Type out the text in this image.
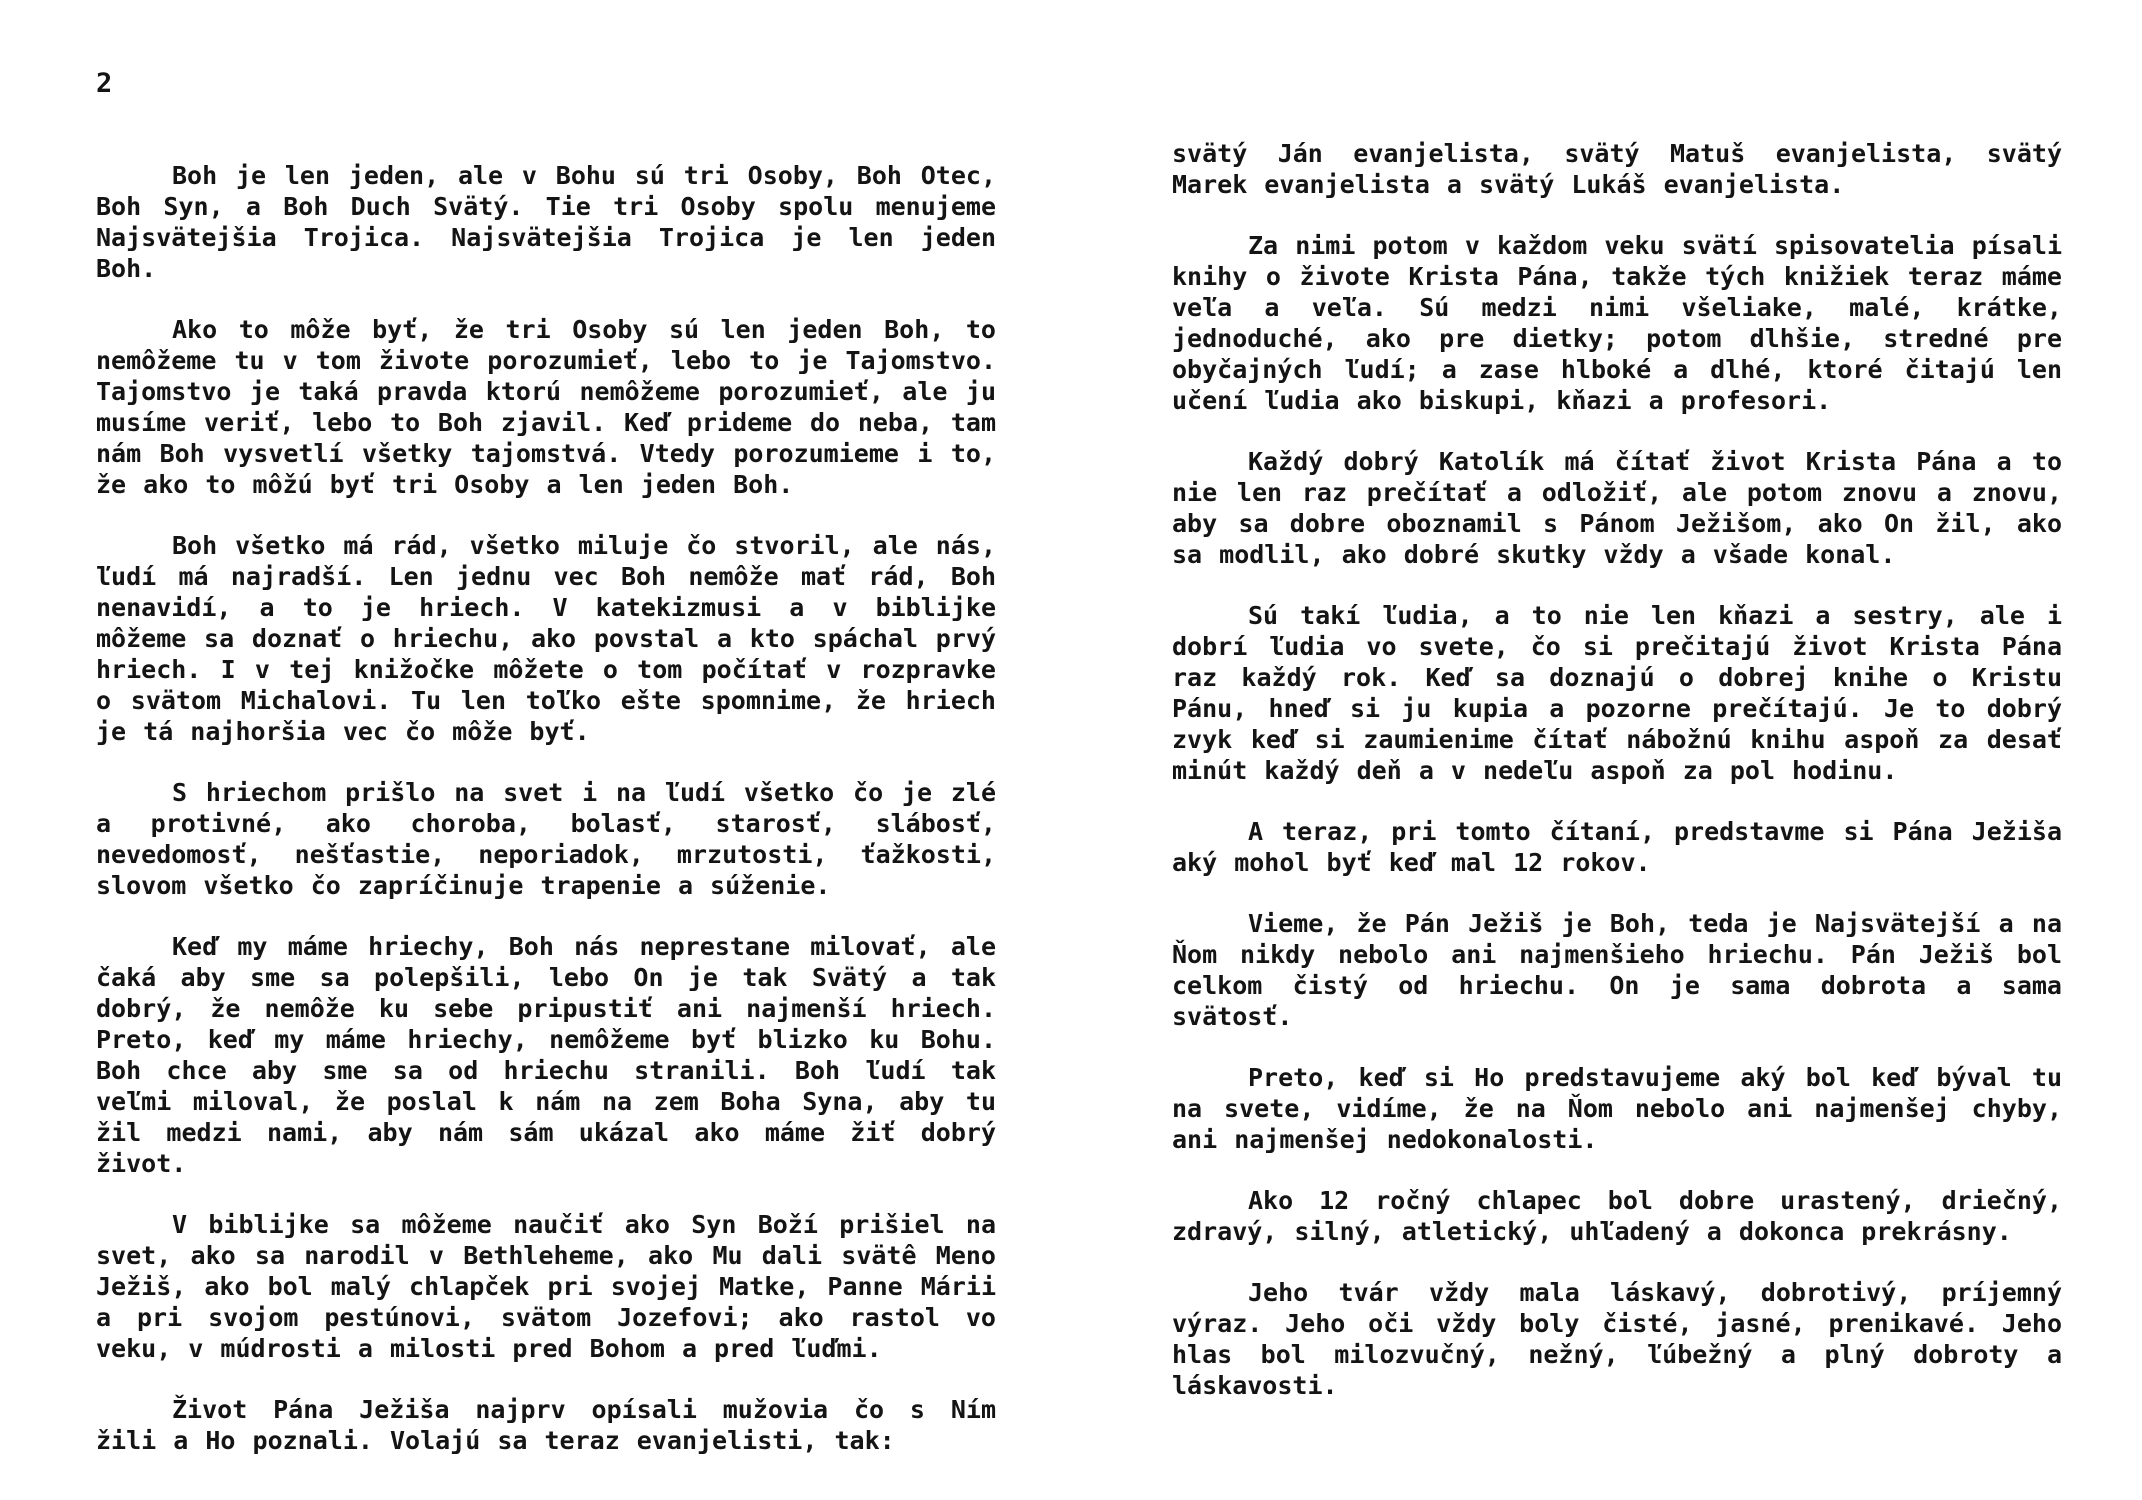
2

Boh je len jeden, ale v Bohu sú tri Osoby, Boh Otec, Boh Syn, a Boh Duch Svätý. Tie tri Osoby spolu menujeme Najsvätejšia Trojica. Najsvätejšia Trojica je len jeden Boh.

Ako to môže byť, že tri Osoby sú len jeden Boh, to nemôžeme tu v tom živote porozumieť, lebo to je Tajomstvo. Tajomstvo je taká pravda ktorú nemôžeme porozumieť, ale ju musíme veriť, lebo to Boh zjavil. Keď prideme do neba, tam nám Boh vysvetlí všetky tajomstvá. Vtedy porozumieme i to, že ako to môžú byť tri Osoby a len jeden Boh.

Boh všetko má rád, všetko miluje čo stvoril, ale nás, ľudí má najradší. Len jednu vec Boh nemôže mať rád, Boh nenavidí, a to je hriech. V katekizmusi a v biblijke môžeme sa doznať o hriechu, ako povstal a kto spáchal prvý hriech. I v tej knižočke môžete o tom počítať v rozpravke o svätom Michalovi. Tu len toľko ešte spomnime, že hriech je tá najhoršia vec čo môže byť.

S hriechom prišlo na svet i na ľudí všetko čo je zlé a protivné, ako choroba, bolasť, starosť, slábosť, nevedomosť, nešťastie, neporiadok, mrzutosti, ťažkosti, slovom všetko čo zapríčinuje trapenie a súženie.

Keď my máme hriechy, Boh nás neprestane milovať, ale čaká aby sme sa polepšili, lebo On je tak Svätý a tak dobrý, že nemôže ku sebe pripustiť ani najmenší hriech. Preto, keď my máme hriechy, nemôžeme byť blizko ku Bohu. Boh chce aby sme sa od hriechu stranili. Boh ľudí tak veľmi miloval, že poslal k nám na zem Boha Syna, aby tu žil medzi nami, aby nám sám ukázal ako máme žiť dobrý život.

V biblijke sa môžeme naučiť ako Syn Boží prišiel na svet, ako sa narodil v Bethleheme, ako Mu dali svätê Meno Ježiš, ako bol malý chlapček pri svojej Matke, Panne Márii a pri svojom pestúnovi, svätom Jozefovi; ako rastol vo veku, v múdrosti a milosti pred Bohom a pred ľuďmi.

Život Pána Ježiša najprv opísali mužovia čo s Ním žili a Ho poznali. Volajú sa teraz evanjelisti, tak:

svätý Ján evanjelista, svätý Matuš evanjelista, svätý Marek evanjelista a svätý Lukáš evanjelista.

Za nimi potom v každom veku svätí spisovatelia písali knihy o živote Krista Pána, takže tých knižiek teraz máme veľa a veľa. Sú medzi nimi všeliake, malé, krátke, jednoduché, ako pre dietky; potom dlhšie, stredné pre obyčajných ľudí; a zase hlboké a dlhé, ktoré čitajú len učení ľudia ako biskupi, kňazi a profesori.

Každý dobrý Katolík má čítať život Krista Pána a to nie len raz prečítať a odložiť, ale potom znovu a znovu, aby sa dobre oboznamil s Pánom Ježišom, ako On žil, ako sa modlil, ako dobré skutky vždy a všade konal.

Sú takí ľudia, a to nie len kňazi a sestry, ale i dobrí ľudia vo svete, čo si prečitajú život Krista Pána raz každý rok. Keď sa doznajú o dobrej knihe o Kristu Pánu, hneď si ju kupia a pozorne prečítajú. Je to dobrý zvyk keď si zaumienime čítať nábožnú knihu aspoň za desať minút každý deň a v nedeľu aspoň za pol hodinu.

A teraz, pri tomto čítaní, predstavme si Pána Ježiša aký mohol byť keď mal 12 rokov.

Vieme, že Pán Ježiš je Boh, teda je Najsvätejší a na Ňom nikdy nebolo ani najmenšieho hriechu. Pán Ježiš bol celkom čistý od hriechu. On je sama dobrota a sama svätosť.

Preto, keď si Ho predstavujeme aký bol keď býval tu na svete, vidíme, že na Ňom nebolo ani najmenšej chyby, ani najmenšej nedokonalosti.

Ako 12 ročný chlapec bol dobre urastený, driečný, zdravý, silný, atletický, uhľadený a dokonca prekrásny.

Jeho tvár vždy mala láskavý, dobrotivý, príjemný výraz. Jeho oči vždy boly čisté, jasné, prenikavé. Jeho hlas bol milozvučný, nežný, ľúbežný a plný dobroty a láskavosti.
